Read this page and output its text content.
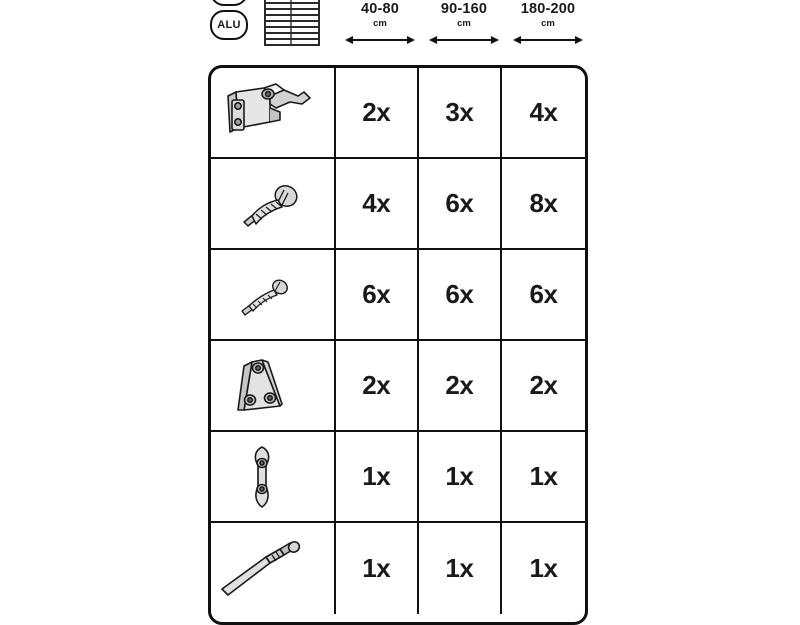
ALU
40-80
cm
90-160
cm
180-200
cm
2x 3x 4x
4x 6x 8x
6x 6x 6x
2x 2x 2x
1x 1x 1x
1x 1x 1x
